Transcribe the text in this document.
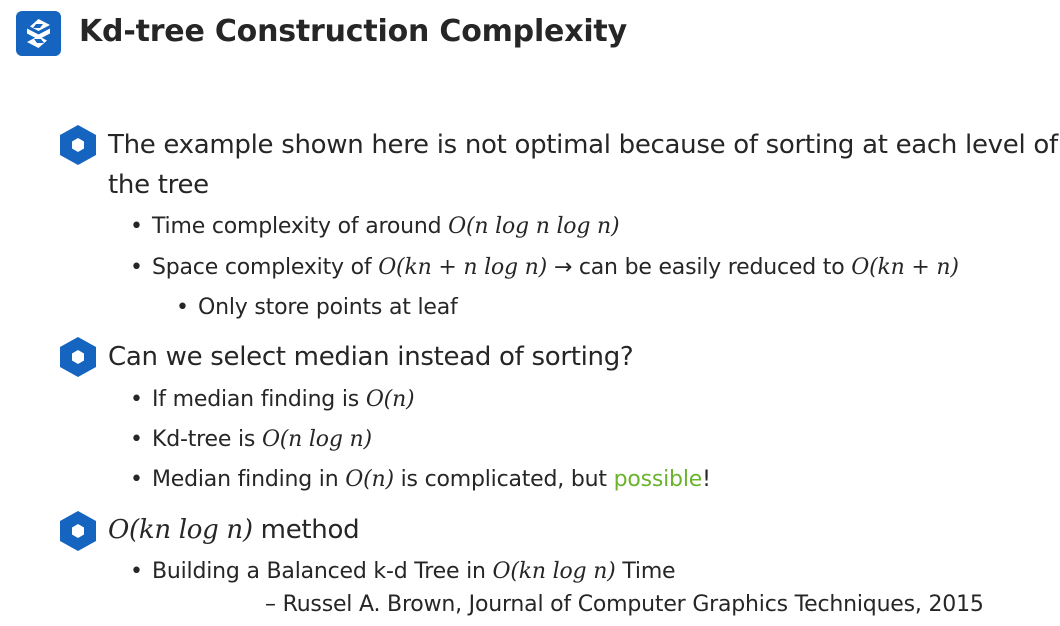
Kd-tree Construction Complexity
The example shown here is not optimal because of sorting at each level of
the tree
• Time complexity of around O(n log n log n)
• Space complexity of O(kn + n log n) → can be easily reduced to O(kn + n)
• Only store points at leaf
Can we select median instead of sorting?
• If median finding is O(n)
• Kd-tree is O(n log n)
• Median finding in O(n) is complicated, but possible!
O(kn log n) method
• Building a Balanced k-d Tree in O(kn log n) Time
– Russel A. Brown, Journal of Computer Graphics Techniques, 2015
